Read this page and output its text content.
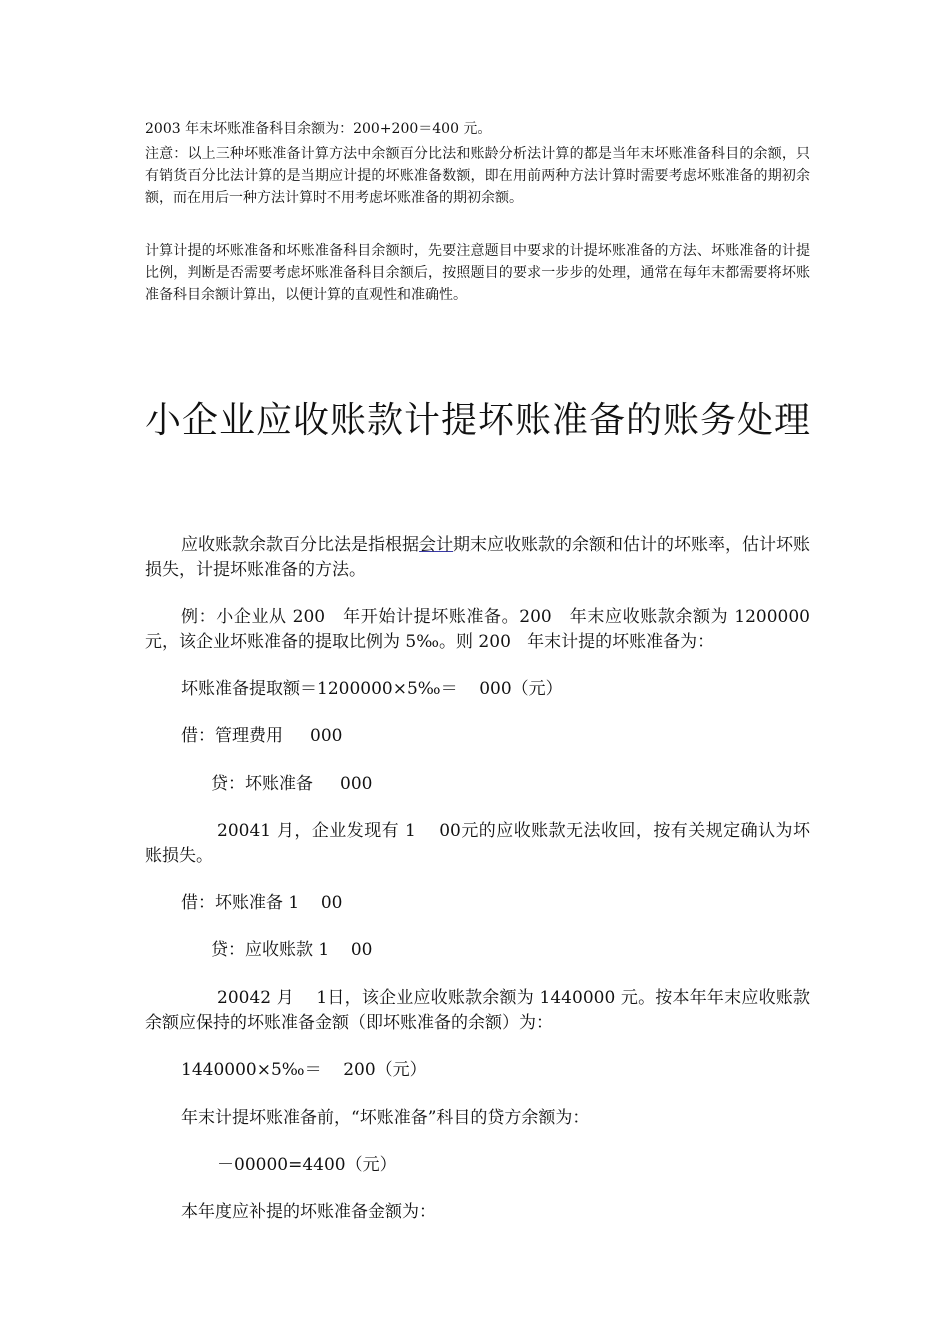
2003 年末坏账准备科目余额为：200+200＝400 元。

注意：以上三种坏账准备计算方法中余额百分比法和账龄分析法计算的都是当年末坏账准备科目的余额，只有销货百分比法计算的是当期应计提的坏账准备数额，即在用前两种方法计算时需要考虑坏账准备的期初余额，而在用后一种方法计算时不用考虑坏账准备的期初余额。

计算计提的坏账准备和坏账准备科目余额时，先要注意题目中要求的计提坏账准备的方法、坏账准备的计提比例，判断是否需要考虑坏账准备科目余额后，按照题目的要求一步步的处理，通常在每年末都需要将坏账准备科目余额计算出，以便计算的直观性和准确性。

小企业应收账款计提坏账准备的账务处理

应收账款余款百分比法是指根据会计期末应收账款的余额和估计的坏账率，估计坏账损失，计提坏账准备的方法。

例：小企业从 200   年开始计提坏账准备。200   年末应收账款余额为 1200000 元，该企业坏账准备的提取比例为 5‰。则 200   年末计提的坏账准备为：

坏账准备提取额＝1200000×5‰＝    000（元）

借：管理费用     000

贷：坏账准备     000

20041 月，企业发现有 1    00元的应收账款无法收回，按有关规定确认为坏账损失。

借：坏账准备 1    00

贷：应收账款 1    00

20042 月    1日，该企业应收账款余额为 1440000 元。按本年年末应收账款余额应保持的坏账准备金额（即坏账准备的余额）为：

1440000×5‰＝    200（元）

年末计提坏账准备前，“坏账准备”科目的贷方余额为：

－00000=4400（元）

本年度应补提的坏账准备金额为：
